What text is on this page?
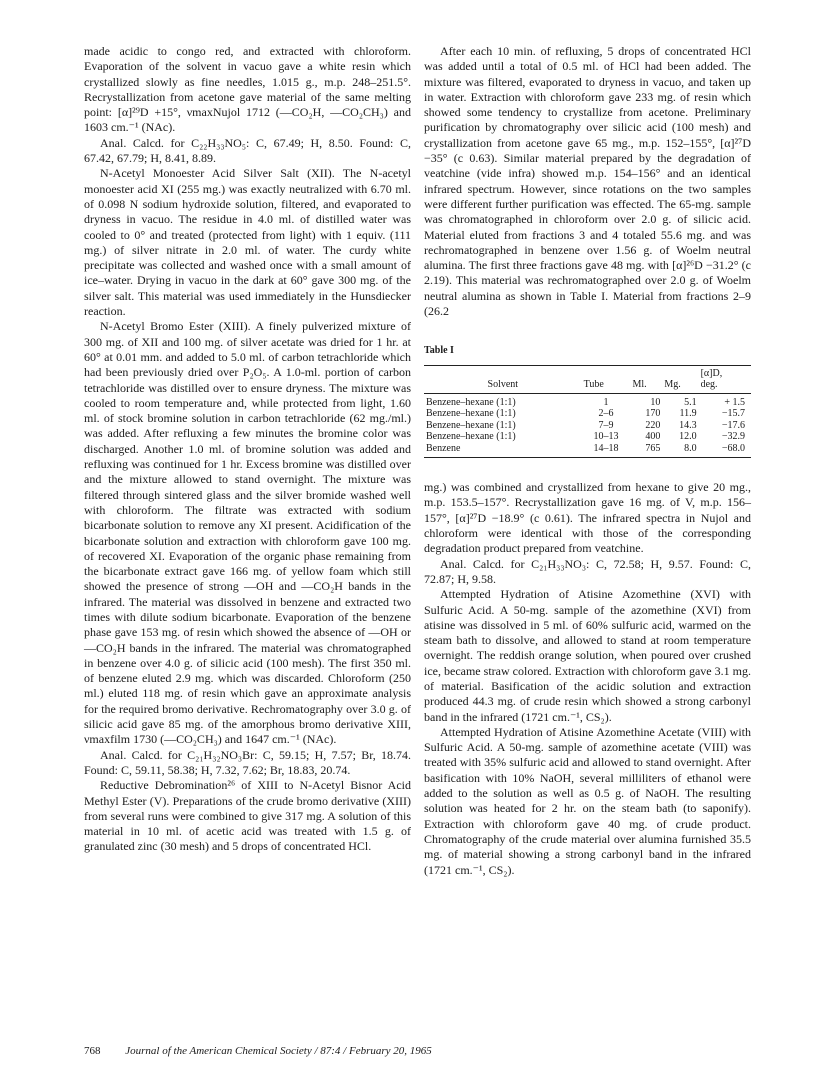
made acidic to congo red, and extracted with chloroform. Evaporation of the solvent in vacuo gave a white resin which crystallized slowly as fine needles, 1.015 g., m.p. 248–251.5°. Recrystallization from acetone gave material of the same melting point: [α]²⁹D +15°, νmaxNujol 1712 (—CO₂H, —CO₂CH₃) and 1603 cm.⁻¹ (NAc).

Anal. Calcd. for C₂₂H₃₃NO₅: C, 67.49; H, 8.50. Found: C, 67.42, 67.79; H, 8.41, 8.89.

N-Acetyl Monoester Acid Silver Salt (XII). The N-acetyl monoester acid XI (255 mg.) was exactly neutralized with 6.70 ml. of 0.098 N sodium hydroxide solution, filtered, and evaporated to dryness in vacuo. The residue in 4.0 ml. of distilled water was cooled to 0° and treated (protected from light) with 1 equiv. (111 mg.) of silver nitrate in 2.0 ml. of water. The curdy white precipitate was collected and washed once with a small amount of ice–water. Drying in vacuo in the dark at 60° gave 300 mg. of the silver salt. This material was used immediately in the Hunsdiecker reaction.

N-Acetyl Bromo Ester (XIII). A finely pulverized mixture of 300 mg. of XII and 100 mg. of silver acetate was dried for 1 hr. at 60° at 0.01 mm. and added to 5.0 ml. of carbon tetrachloride which had been previously dried over P₂O₅. A 1.0-ml. portion of carbon tetrachloride was distilled over to ensure dryness. The mixture was cooled to room temperature and, while protected from light, 1.60 ml. of stock bromine solution in carbon tetrachloride (62 mg./ml.) was added. After refluxing a few minutes the bromine color was discharged. Another 1.0 ml. of bromine solution was added and refluxing was continued for 1 hr. Excess bromine was distilled over and the mixture allowed to stand overnight. The mixture was filtered through sintered glass and the silver bromide washed well with chloroform. The filtrate was extracted with sodium bicarbonate solution to remove any XI present. Acidification of the bicarbonate solution and extraction with chloroform gave 100 mg. of recovered XI. Evaporation of the organic phase remaining from the bicarbonate extract gave 166 mg. of yellow foam which still showed the presence of strong —OH and —CO₂H bands in the infrared. The material was dissolved in benzene and extracted two times with dilute sodium bicarbonate. Evaporation of the benzene phase gave 153 mg. of resin which showed the absence of —OH or —CO₂H bands in the infrared. The material was chromatographed in benzene over 4.0 g. of silicic acid (100 mesh). The first 350 ml. of benzene eluted 2.9 mg. which was discarded. Chloroform (250 ml.) eluted 118 mg. of resin which gave an approximate analysis for the required bromo derivative. Rechromatography over 3.0 g. of silicic acid gave 85 mg. of the amorphous bromo derivative XIII, νmaxfilm 1730 (—CO₂CH₃) and 1647 cm.⁻¹ (NAc).

Anal. Calcd. for C₂₁H₃₂NO₃Br: C, 59.15; H, 7.57; Br, 18.74. Found: C, 59.11, 58.38; H, 7.32, 7.62; Br, 18.83, 20.74.

Reductive Debromination²⁶ of XIII to N-Acetyl Bisnor Acid Methyl Ester (V). Preparations of the crude bromo derivative (XIII) from several runs were combined to give 317 mg. A solution of this material in 10 ml. of acetic acid was treated with 1.5 g. of granulated zinc (30 mesh) and 5 drops of concentrated HCl.

After each 10 min. of refluxing, 5 drops of concentrated HCl was added until a total of 0.5 ml. of HCl had been added. The mixture was filtered, evaporated to dryness in vacuo, and taken up in water. Extraction with chloroform gave 233 mg. of resin which showed some tendency to crystallize from acetone. Preliminary purification by chromatography over silicic acid (100 mesh) and crystallization from acetone gave 65 mg., m.p. 152–155°, [α]²⁷D −35° (c 0.63). Similar material prepared by the degradation of veatchine (vide infra) showed m.p. 154–156° and an identical infrared spectrum. However, since rotations on the two samples were different further purification was effected. The 65-mg. sample was chromatographed in chloroform over 2.0 g. of silicic acid. Material eluted from fractions 3 and 4 totaled 55.6 mg. and was rechromatographed in benzene over 1.56 g. of Woelm neutral alumina. The first three fractions gave 48 mg. with [α]²⁶D −31.2° (c 2.19). This material was rechromatographed over 2.0 g. of Woelm neutral alumina as shown in Table I. Material from fractions 2–9 (26.2

Table I
Solvent	Tube	Ml.	Mg.	[α]D,
deg.

Benzene–hexane (1:1)	1	10	5.1	+ 1.5
Benzene–hexane (1:1)	2–6	170	11.9	−15.7
Benzene–hexane (1:1)	7–9	220	14.3	−17.6
Benzene–hexane (1:1)	10–13	400	12.0	−32.9
Benzene	14–18	765	8.0	−68.0

mg.) was combined and crystallized from hexane to give 20 mg., m.p. 153.5–157°. Recrystallization gave 16 mg. of V, m.p. 156–157°, [α]²⁷D −18.9° (c 0.61). The infrared spectra in Nujol and chloroform were identical with those of the corresponding degradation product prepared from veatchine.

Anal. Calcd. for C₂₁H₃₃NO₃: C, 72.58; H, 9.57. Found: C, 72.87; H, 9.58.

Attempted Hydration of Atisine Azomethine (XVI) with Sulfuric Acid. A 50-mg. sample of the azomethine (XVI) from atisine was dissolved in 5 ml. of 60% sulfuric acid, warmed on the steam bath to dissolve, and allowed to stand at room temperature overnight. The reddish orange solution, when poured over crushed ice, became straw colored. Extraction with chloroform gave 3.1 mg. of material. Basification of the acidic solution and extraction produced 44.3 mg. of crude resin which showed a strong carbonyl band in the infrared (1721 cm.⁻¹, CS₂).

Attempted Hydration of Atisine Azomethine Acetate (VIII) with Sulfuric Acid. A 50-mg. sample of azomethine acetate (VIII) was treated with 35% sulfuric acid and allowed to stand overnight. After basification with 10% NaOH, several milliliters of ethanol were added to the solution as well as 0.5 g. of NaOH. The resulting solution was heated for 2 hr. on the steam bath (to saponify). Extraction with chloroform gave 40 mg. of crude product. Chromatography of the crude material over alumina furnished 35.5 mg. of material showing a strong carbonyl band in the infrared (1721 cm.⁻¹, CS₂).

768 Journal of the American Chemical Society / 87:4 / February 20, 1965
